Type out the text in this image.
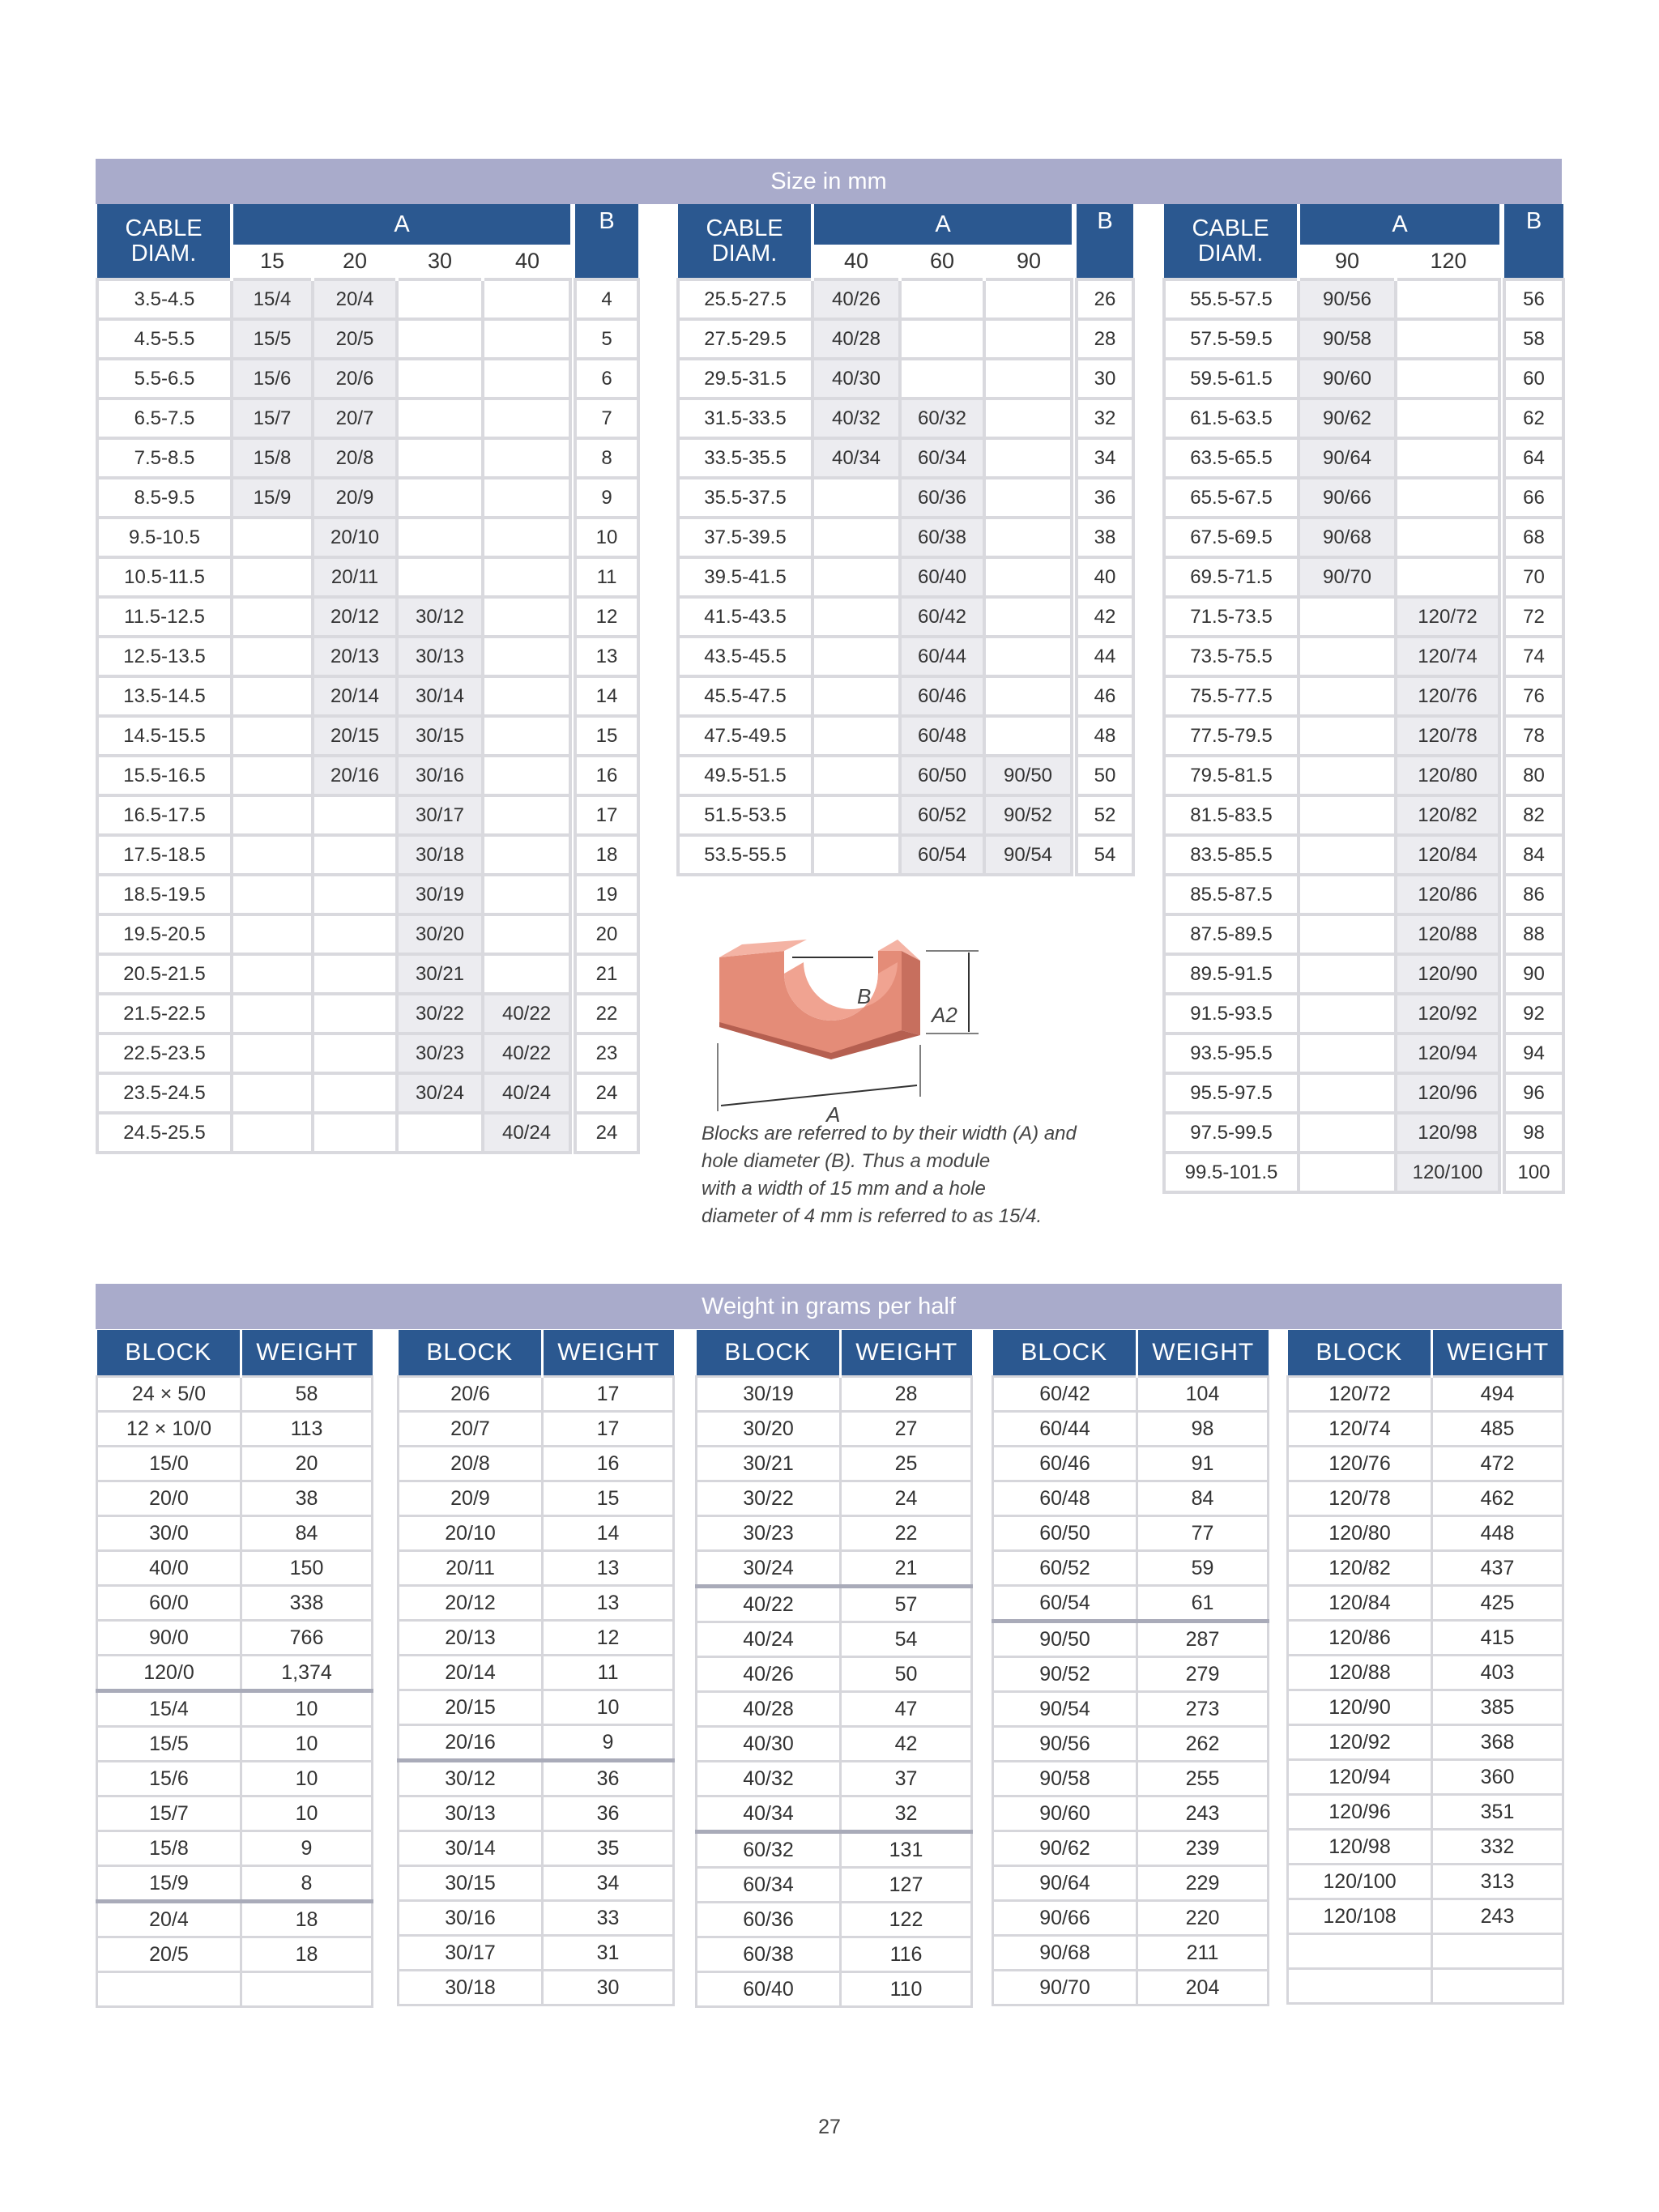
Size in mm
CABLE
DIAM.	A					B
	15	20	30	40		
3.5-4.5	15/4	20/4				4
4.5-5.5	15/5	20/5				5
5.5-6.5	15/6	20/6				6
6.5-7.5	15/7	20/7				7
7.5-8.5	15/8	20/8				8
8.5-9.5	15/9	20/9				9
9.5-10.5		20/10				10
10.5-11.5		20/11				11
11.5-12.5		20/12	30/12			12
12.5-13.5		20/13	30/13			13
13.5-14.5		20/14	30/14			14
14.5-15.5		20/15	30/15			15
15.5-16.5		20/16	30/16			16
16.5-17.5			30/17			17
17.5-18.5			30/18			18
18.5-19.5			30/19			19
19.5-20.5			30/20			20
20.5-21.5			30/21			21
21.5-22.5			30/22	40/22		22
22.5-23.5			30/23	40/22		23
23.5-24.5			30/24	40/24		24
24.5-25.5				40/24		24
CABLE
DIAM.	A				B
	40	60	90		
25.5-27.5	40/26				26
27.5-29.5	40/28				28
29.5-31.5	40/30				30
31.5-33.5	40/32	60/32			32
33.5-35.5	40/34	60/34			34
35.5-37.5		60/36			36
37.5-39.5		60/38			38
39.5-41.5		60/40			40
41.5-43.5		60/42			42
43.5-45.5		60/44			44
45.5-47.5		60/46			46
47.5-49.5		60/48			48
49.5-51.5		60/50	90/50		50
51.5-53.5		60/52	90/52		52
53.5-55.5		60/54	90/54		54
CABLE
DIAM.	A			B
	90	120		
55.5-57.5	90/56			56
57.5-59.5	90/58			58
59.5-61.5	90/60			60
61.5-63.5	90/62			62
63.5-65.5	90/64			64
65.5-67.5	90/66			66
67.5-69.5	90/68			68
69.5-71.5	90/70			70
71.5-73.5		120/72		72
73.5-75.5		120/74		74
75.5-77.5		120/76		76
77.5-79.5		120/78		78
79.5-81.5		120/80		80
81.5-83.5		120/82		82
83.5-85.5		120/84		84
85.5-87.5		120/86		86
87.5-89.5		120/88		88
89.5-91.5		120/90		90
91.5-93.5		120/92		92
93.5-95.5		120/94		94
95.5-97.5		120/96		96
97.5-99.5		120/98		98
99.5-101.5		120/100		100
B
A2
A
Blocks are referred to by their width (A) and
hole diameter (B). Thus a module
with a width of 15 mm and a hole
diameter of 4 mm is referred to as 15/4.
Weight in grams per half
BLOCK	WEIGHT
24 × 5/0	58
12 × 10/0	113
15/0	20
20/0	38
30/0	84
40/0	150
60/0	338
90/0	766
120/0	1,374
15/4	10
15/5	10
15/6	10
15/7	10
15/8	9
15/9	8
20/4	18
20/5	18

BLOCK	WEIGHT
20/6	17
20/7	17
20/8	16
20/9	15
20/10	14
20/11	13
20/12	13
20/13	12
20/14	11
20/15	10
20/16	9
30/12	36
30/13	36
30/14	35
30/15	34
30/16	33
30/17	31
30/18	30
BLOCK	WEIGHT
30/19	28
30/20	27
30/21	25
30/22	24
30/23	22
30/24	21
40/22	57
40/24	54
40/26	50
40/28	47
40/30	42
40/32	37
40/34	32
60/32	131
60/34	127
60/36	122
60/38	116
60/40	110
BLOCK	WEIGHT
60/42	104
60/44	98
60/46	91
60/48	84
60/50	77
60/52	59
60/54	61
90/50	287
90/52	279
90/54	273
90/56	262
90/58	255
90/60	243
90/62	239
90/64	229
90/66	220
90/68	211
90/70	204
BLOCK	WEIGHT
120/72	494
120/74	485
120/76	472
120/78	462
120/80	448
120/82	437
120/84	425
120/86	415
120/88	403
120/90	385
120/92	368
120/94	360
120/96	351
120/98	332
120/100	313
120/108	243

27
